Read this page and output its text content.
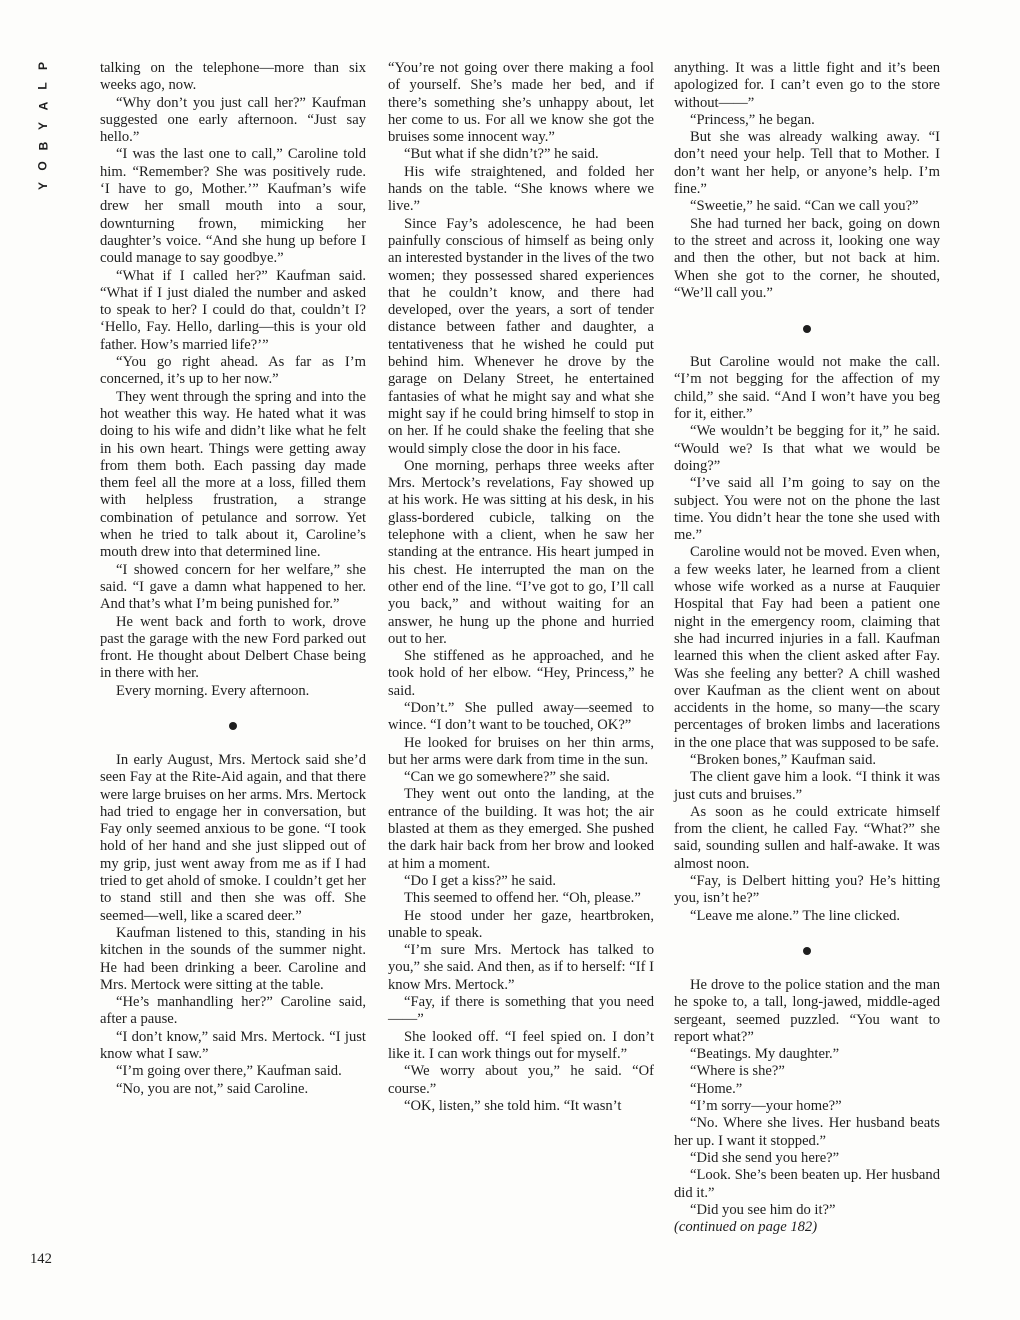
P
L
A
Y
B
O
Y

talking on the telephone—more than six weeks ago, now.

“Why don’t you just call her?” Kaufman suggested one early afternoon. “Just say hello.”

“I was the last one to call,” Caroline told him. “Remember? She was positively rude. ‘I have to go, Mother.’” Kaufman’s wife drew her small mouth into a sour, downturning frown, mimicking her daughter’s voice. “And she hung up before I could manage to say goodbye.”

“What if I called her?” Kaufman said. “What if I just dialed the number and asked to speak to her? I could do that, couldn’t I? ‘Hello, Fay. Hello, darling—this is your old father. How’s married life?’”

“You go right ahead. As far as I’m concerned, it’s up to her now.”

They went through the spring and into the hot weather this way. He hated what it was doing to his wife and didn’t like what he felt in his own heart. Things were getting away from them both. Each passing day made them feel all the more at a loss, filled them with helpless frustration, a strange combination of petulance and sorrow. Yet when he tried to talk about it, Caroline’s mouth drew into that determined line.

“I showed concern for her welfare,” she said. “I gave a damn what happened to her. And that’s what I’m being punished for.”

He went back and forth to work, drove past the garage with the new Ford parked out front. He thought about Delbert Chase being in there with her.

Every morning. Every afternoon.

In early August, Mrs. Mertock said she’d seen Fay at the Rite-Aid again, and that there were large bruises on her arms. Mrs. Mertock had tried to engage her in conversation, but Fay only seemed anxious to be gone. “I took hold of her hand and she just slipped out of my grip, just went away from me as if I had tried to get ahold of smoke. I couldn’t get her to stand still and then she was off. She seemed—well, like a scared deer.”

Kaufman listened to this, standing in his kitchen in the sounds of the summer night. He had been drinking a beer. Caroline and Mrs. Mertock were sitting at the table.

“He’s manhandling her?” Caroline said, after a pause.

“I don’t know,” said Mrs. Mertock. “I just know what I saw.”

“I’m going over there,” Kaufman said.

“No, you are not,” said Caroline.

“You’re not going over there making a fool of yourself. She’s made her bed, and if there’s something she’s unhappy about, let her come to us. For all we know she got the bruises some innocent way.”

“But what if she didn’t?” he said.

His wife straightened, and folded her hands on the table. “She knows where we live.”

Since Fay’s adolescence, he had been painfully conscious of himself as being only an interested bystander in the lives of the two women; they possessed shared experiences that he couldn’t know, and there had developed, over the years, a sort of tender distance between father and daughter, a tentativeness that he wished he could put behind him. Whenever he drove by the garage on Delany Street, he entertained fantasies of what he might say and what she might say if he could bring himself to stop in on her. If he could shake the feeling that she would simply close the door in his face.

One morning, perhaps three weeks after Mrs. Mertock’s revelations, Fay showed up at his work. He was sitting at his desk, in his glass-bordered cubicle, talking on the telephone with a client, when he saw her standing at the entrance. His heart jumped in his chest. He interrupted the man on the other end of the line. “I’ve got to go, I’ll call you back,” and without waiting for an answer, he hung up the phone and hurried out to her.

She stiffened as he approached, and he took hold of her elbow. “Hey, Princess,” he said.

“Don’t.” She pulled away—seemed to wince. “I don’t want to be touched, OK?”

He looked for bruises on her thin arms, but her arms were dark from time in the sun.

“Can we go somewhere?” she said.

They went out onto the landing, at the entrance of the building. It was hot; the air blasted at them as they emerged. She pushed the dark hair back from her brow and looked at him a moment.

“Do I get a kiss?” he said.

This seemed to offend her. “Oh, please.”

He stood under her gaze, heartbroken, unable to speak.

“I’m sure Mrs. Mertock has talked to you,” she said. And then, as if to herself: “If I know Mrs. Mertock.”

“Fay, if there is something that you need——”

She looked off. “I feel spied on. I don’t like it. I can work things out for myself.”

“We worry about you,” he said. “Of course.”

“OK, listen,” she told him. “It wasn’t

anything. It was a little fight and it’s been apologized for. I can’t even go to the store without——”

“Princess,” he began.

But she was already walking away. “I don’t need your help. Tell that to Mother. I don’t want her help, or anyone’s help. I’m fine.”

“Sweetie,” he said. “Can we call you?”

She had turned her back, going on down to the street and across it, looking one way and then the other, but not back at him. When she got to the corner, he shouted, “We’ll call you.”

But Caroline would not make the call. “I’m not begging for the affection of my child,” she said. “And I won’t have you beg for it, either.”

“We wouldn’t be begging for it,” he said. “Would we? Is that what we would be doing?”

“I’ve said all I’m going to say on the subject. You were not on the phone the last time. You didn’t hear the tone she used with me.”

Caroline would not be moved. Even when, a few weeks later, he learned from a client whose wife worked as a nurse at Fauquier Hospital that Fay had been a patient one night in the emergency room, claiming that she had incurred injuries in a fall. Kaufman learned this when the client asked after Fay. Was she feeling any better? A chill washed over Kaufman as the client went on about accidents in the home, so many—the scary percentages of broken limbs and lacerations in the one place that was supposed to be safe.

“Broken bones,” Kaufman said.

The client gave him a look. “I think it was just cuts and bruises.”

As soon as he could extricate himself from the client, he called Fay. “What?” she said, sounding sullen and half-awake. It was almost noon.

“Fay, is Delbert hitting you? He’s hitting you, isn’t he?”

“Leave me alone.” The line clicked.

He drove to the police station and the man he spoke to, a tall, long-jawed, middle-aged sergeant, seemed puzzled. “You want to report what?”

“Beatings. My daughter.”

“Where is she?”

“Home.”

“I’m sorry—your home?”

“No. Where she lives. Her husband beats her up. I want it stopped.”

“Did she send you here?”

“Look. She’s been beaten up. Her husband did it.”

“Did you see him do it?”

(continued on page 182)

142
